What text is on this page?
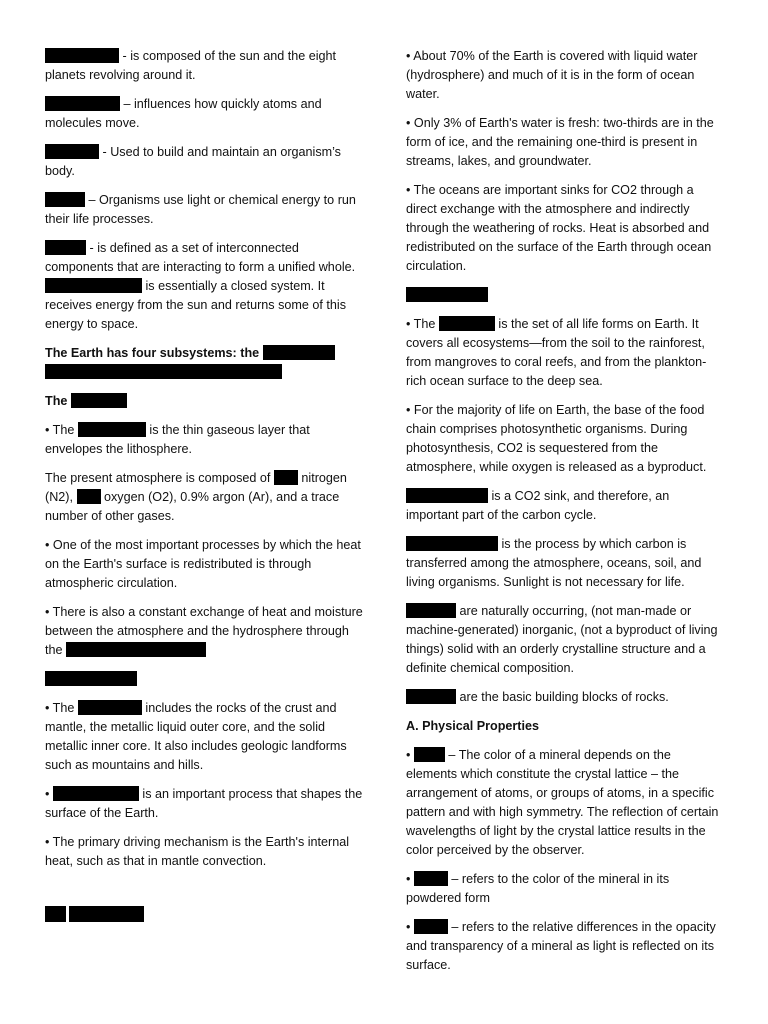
- is composed of the sun and the eight planets revolving around it.

– influences how quickly atoms and molecules move.

- Used to build and maintain an organism’s body.

– Organisms use light or chemical energy to run their life processes.

- is defined as a set of interconnected components that are interacting to form a unified whole.  is essentially a closed system. It receives energy from the sun and returns some of this energy to space.

The Earth has four subsystems: the

The

• The	is the thin gaseous layer that envelopes the lithosphere.

The present atmosphere is composed of nitrogen (N2), oxygen (O2), 0.9% argon (Ar), and a trace number of other gases.

• One of the most important processes by which the heat on the Earth's surface is redistributed is through atmospheric circulation.

• There is also a constant exchange of heat and moisture between the atmosphere and the hydrosphere through the

• The	includes the rocks of the crust and mantle, the metallic liquid outer core, and the solid metallic inner core. It also includes geologic landforms such as mountains and hills.

•	is an important process that shapes the surface of the Earth.

• The primary driving mechanism is the Earth's internal heat, such as that in mantle convection.

• About 70% of the Earth is covered with liquid water (hydrosphere) and much of it is in the form of ocean water.

• Only 3% of Earth's water is fresh: two-thirds are in the form of ice, and the remaining one-third is present in streams, lakes, and groundwater.

• The oceans are important sinks for CO2 through a direct exchange with the atmosphere and indirectly through the weathering of rocks. Heat is absorbed and redistributed on the surface of the Earth through ocean circulation.

• The	is the set of all life forms on Earth. It covers all ecosystems—from the soil to the rainforest, from mangroves to coral reefs, and from the plankton-rich ocean surface to the deep sea.

• For the majority of life on Earth, the base of the food chain comprises photosynthetic organisms. During photosynthesis, CO2 is sequestered from the atmosphere, while oxygen is released as a byproduct.

is a CO2 sink, and therefore, an important part of the carbon cycle.

is the process by which carbon is transferred among the atmosphere, oceans, soil, and living organisms. Sunlight is not necessary for life.

are naturally occurring, (not man-made or machine-generated) inorganic, (not a byproduct of living things) solid with an orderly crystalline structure and a definite chemical composition.

are the basic building blocks of rocks.

A. Physical Properties

•	– The color of a mineral depends on the elements which constitute the crystal lattice – the arrangement of atoms, or groups of atoms, in a specific pattern and with high symmetry. The reflection of certain wavelengths of light by the crystal lattice results in the color perceived by the observer.

•	– refers to the color of the mineral in its powdered form

•	– refers to the relative differences in the opacity and transparency of a mineral as light is reflected on its surface.
